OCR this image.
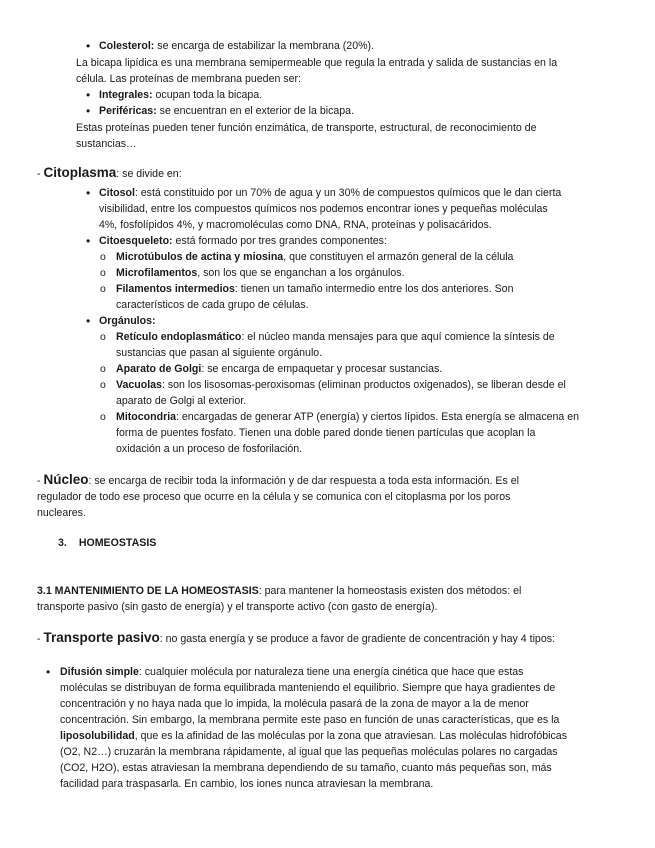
• Colesterol: se encarga de estabilizar la membrana (20%).
La bicapa lipídica es una membrana semipermeable que regula la entrada y salida de sustancias en la
célula. Las proteínas de membrana pueden ser:
• Integrales: ocupan toda la bicapa.
• Periféricas: se encuentran en el exterior de la bicapa.
Estas proteínas pueden tener función enzimática, de transporte, estructural, de reconocimiento de
sustancias…
- Citoplasma: se divide en:
• Citosol: está constituido por un 70% de agua y un 30% de compuestos químicos que le dan cierta
visibilidad, entre los compuestos químicos nos podemos encontrar iones y pequeñas moléculas
4%, fosfolípidos 4%, y macromoléculas como DNA, RNA, proteínas y polisacáridos.
• Citoesqueleto: está formado por tres grandes componentes:
o Microtúbulos de actina y miosina, que constituyen el armazón general de la célula
o Microfilamentos, son los que se enganchan a los orgánulos.
o Filamentos intermedios: tienen un tamaño intermedio entre los dos anteriores. Son
característicos de cada grupo de células.
• Orgánulos:
o Retículo endoplasmático: el núcleo manda mensajes para que aquí comience la síntesis de
sustancias que pasan al siguiente orgánulo.
o Aparato de Golgi: se encarga de empaquetar y procesar sustancias.
o Vacuolas: son los lisosomas-peroxisomas (eliminan productos oxigenados), se liberan desde el
aparato de Golgi al exterior.
o Mitocondria: encargadas de generar ATP (energía) y ciertos lípidos. Esta energía se almacena en
forma de puentes fosfato. Tienen una doble pared donde tienen partículas que acoplan la
oxidación a un proceso de fosforilación.
- Núcleo: se encarga de recibir toda la información y de dar respuesta a toda esta información. Es el
regulador de todo ese proceso que ocurre en la célula y se comunica con el citoplasma por los poros
nucleares.
3. HOMEOSTASIS
3.1 MANTENIMIENTO DE LA HOMEOSTASIS: para mantener la homeostasis existen dos métodos: el
transporte pasivo (sin gasto de energía) y el transporte activo (con gasto de energía).
- Transporte pasivo: no gasta energía y se produce a favor de gradiente de concentración y hay 4 tipos:
• Difusión simple: cualquier molécula por naturaleza tiene una energía cinética que hace que estas
moléculas se distribuyan de forma equilibrada manteniendo el equilibrio. Siempre que haya gradientes de
concentración y no haya nada que lo impida, la molécula pasará de la zona de mayor a la de menor
concentración. Sin embargo, la membrana permite este paso en función de unas características, que es la
liposolubilidad, que es la afinidad de las moléculas por la zona que atraviesan. Las moléculas hidrofóbicas
(O2, N2…) cruzarán la membrana rápidamente, al igual que las pequeñas moléculas polares no cargadas
(CO2, H2O), estas atraviesan la membrana dependiendo de su tamaño, cuanto más pequeñas son, más
facilidad para traspasarla. En cambio, los iones nunca atraviesan la membrana.
